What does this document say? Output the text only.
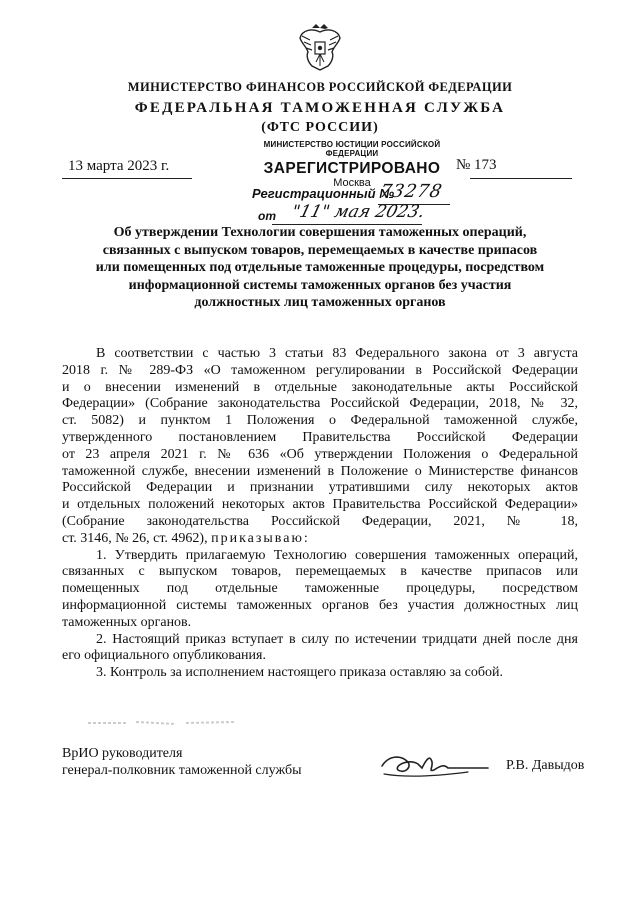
МИНИСТЕРСТВО ФИНАНСОВ РОССИЙСКОЙ ФЕДЕРАЦИИ
ФЕДЕРАЛЬНАЯ ТАМОЖЕННАЯ СЛУЖБА
(ФТС РОССИИ)
МИНИСТЕРСТВО ЮСТИЦИИ РОССИЙСКОЙ ФЕДЕРАЦИИ
ЗАРЕГИСТРИРОВАНО
Москва
Регистрационный №
73278
от "11" мая 2023.
13 марта 2023 г.	№ 173

Об утверждении Технологии совершения таможенных операций,

связанных с выпуском товаров, перемещаемых в качестве припасов

или помещенных под отдельные таможенные процедуры, посредством

информационной системы таможенных органов без участия

должностных лиц таможенных органов

В соответствии с частью 3 статьи 83 Федерального закона от 3 августа

2018 г. № 289-ФЗ «О таможенном регулировании в Российской Федерации

и о внесении изменений в отдельные законодательные акты Российской

Федерации» (Собрание законодательства Российской Федерации, 2018, № 32,

ст. 5082) и пунктом 1 Положения о Федеральной таможенной службе,

утвержденного постановлением Правительства Российской Федерации

от 23 апреля 2021 г. № 636 «Об утверждении Положения о Федеральной

таможенной службе, внесении изменений в Положение о Министерстве финансов

Российской Федерации и признании утратившими силу некоторых актов

и отдельных положений некоторых актов Правительства Российской Федерации»

(Собрание законодательства Российской Федерации, 2021, № 18,

ст. 3146, № 26, ст. 4962), приказываю:

1. Утвердить прилагаемую Технологию совершения таможенных операций,

связанных с выпуском товаров, перемещаемых в качестве припасов или

помещенных под отдельные таможенные процедуры, посредством

информационной системы таможенных органов без участия должностных лиц

таможенных органов.

2. Настоящий приказ вступает в силу по истечении тридцати дней после дня

его официального опубликования.

3. Контроль за исполнением настоящего приказа оставляю за собой.

ВрИО руководителя

генерал-полковник таможенной службы	Р.В. Давыдов
